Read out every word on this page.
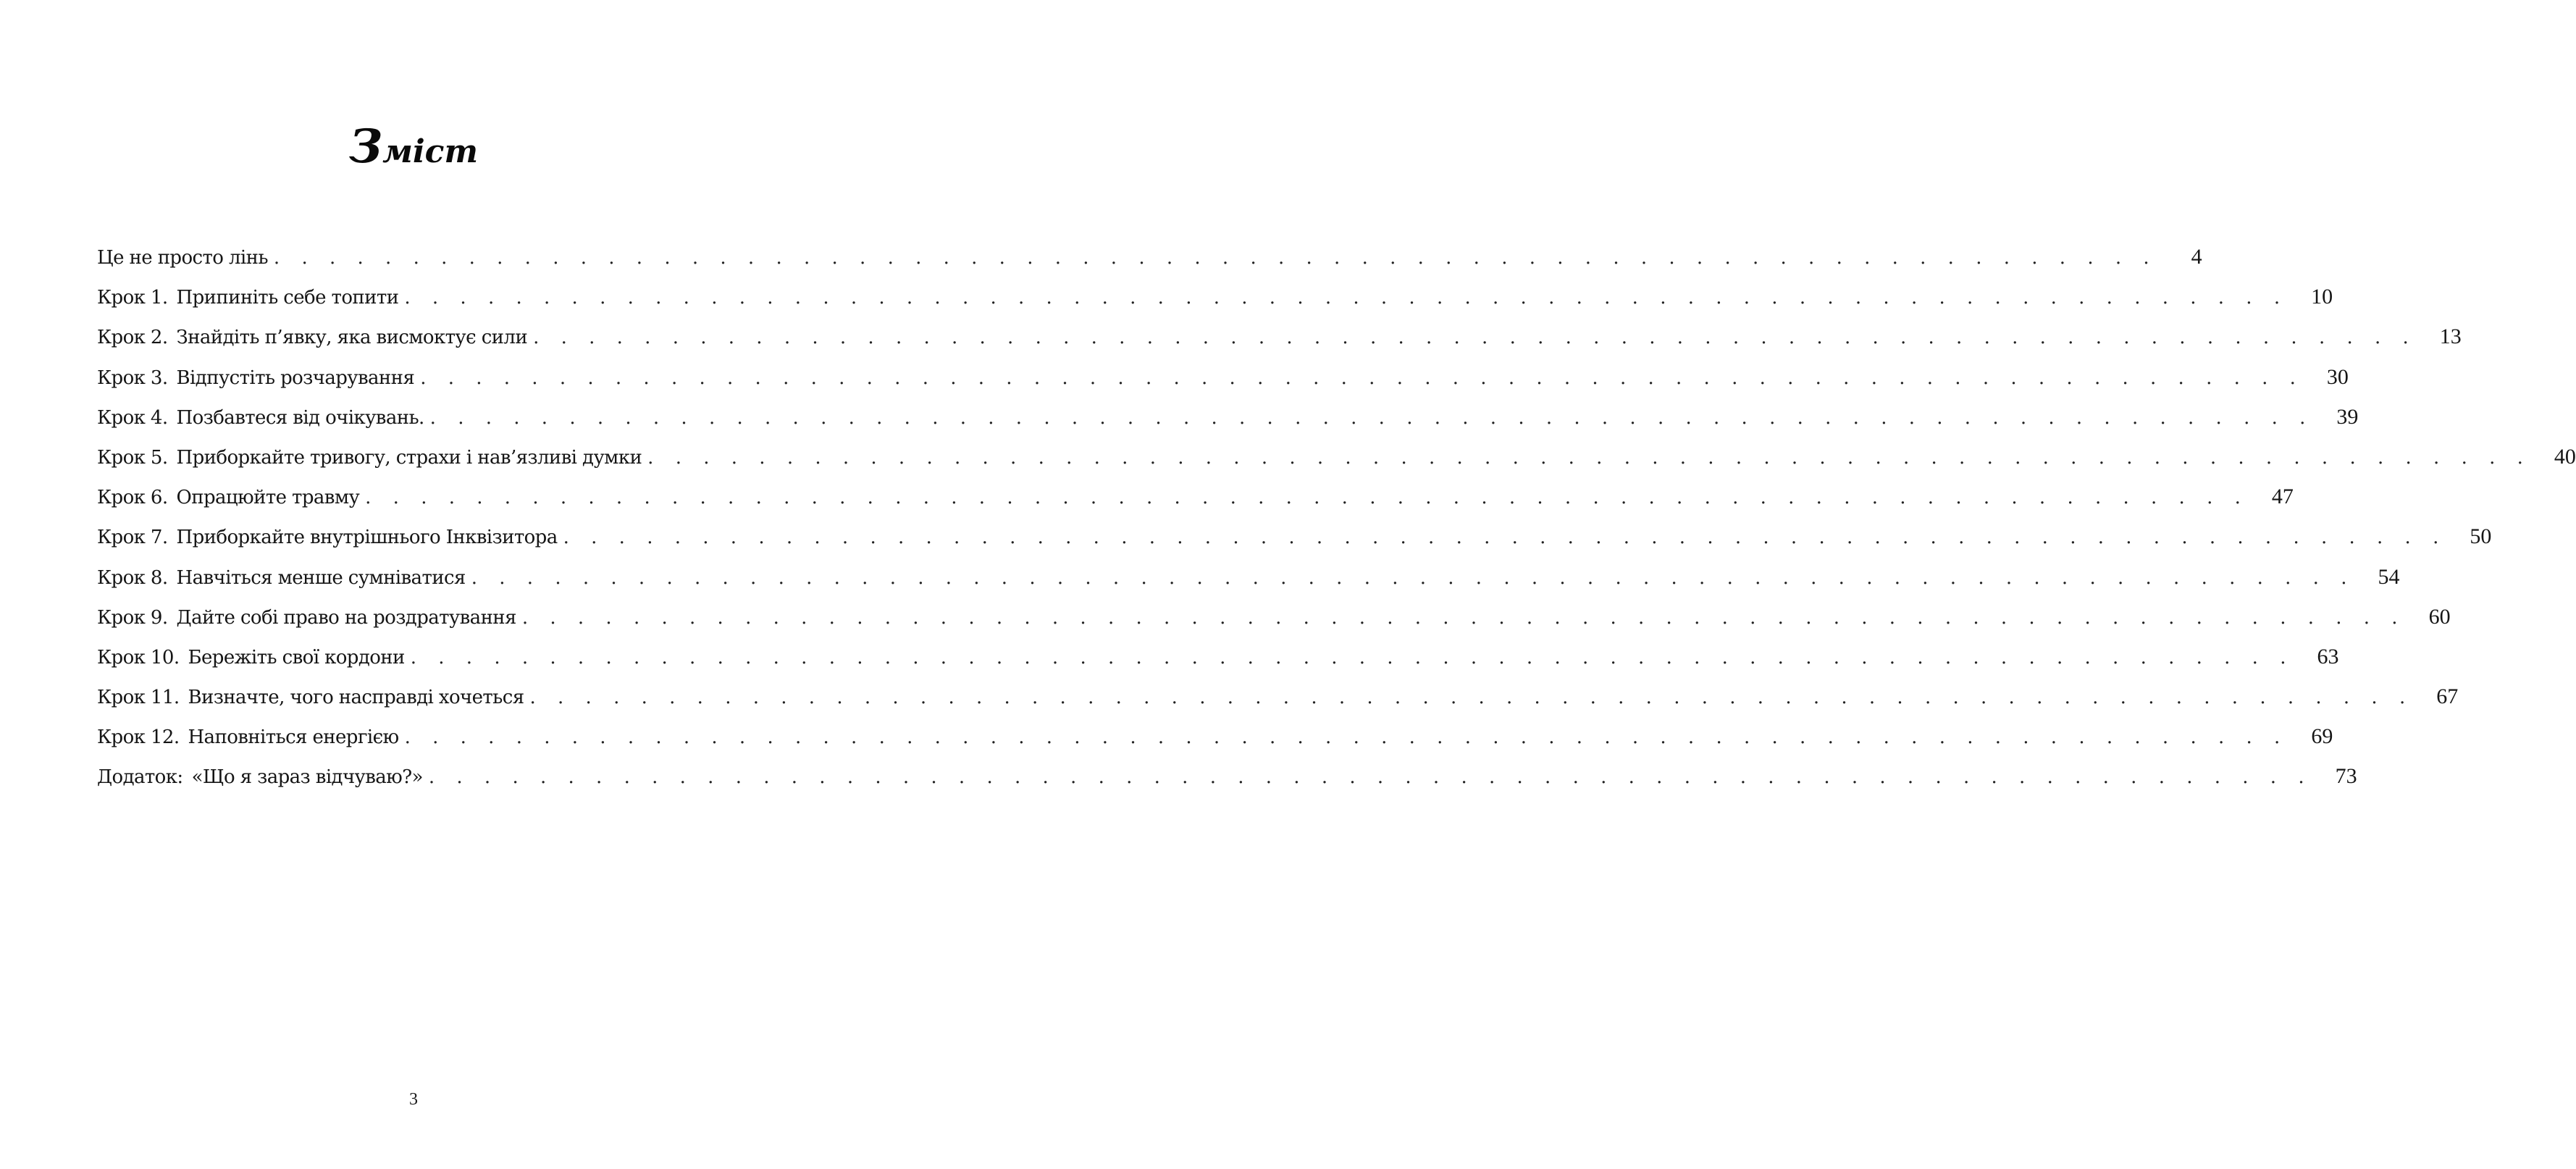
Зміст
Це не просто лінь . . . . . . . . . . . . . . . . . . . . . . . . . . . . . . . . . . . . . . . . . . . . . . . . . . . . . . . . . . . . . . . . . . . .	4
Крок 1. Припиніть себе топити . . . . . . . . . . . . . . . . . . . . . . . . . . . . . . . . . . . . . . . . . . . . . . . . . . . . . . . . . . . . . . . . . . . .	10
Крок 2. Знайдіть п’явку, яка висмоктує сили . . . . . . . . . . . . . . . . . . . . . . . . . . . . . . . . . . . . . . . . . . . . . . . . . . . . . . . . . . . . . . . . . . . .	13
Крок 3. Відпустіть розчарування . . . . . . . . . . . . . . . . . . . . . . . . . . . . . . . . . . . . . . . . . . . . . . . . . . . . . . . . . . . . . . . . . . . .	30
Крок 4. Позбавтеся від очікувань. . . . . . . . . . . . . . . . . . . . . . . . . . . . . . . . . . . . . . . . . . . . . . . . . . . . . . . . . . . . . . . . . . . . .	39
Крок 5. Приборкайте тривогу, страхи і нав’язливі думки . . . . . . . . . . . . . . . . . . . . . . . . . . . . . . . . . . . . . . . . . . . . . . . . . . . . . . . . . . . . . . . . . . . .	40
Крок 6. Опрацюйте травму . . . . . . . . . . . . . . . . . . . . . . . . . . . . . . . . . . . . . . . . . . . . . . . . . . . . . . . . . . . . . . . . . . . .	47
Крок 7. Приборкайте внутрішнього Інквізитора . . . . . . . . . . . . . . . . . . . . . . . . . . . . . . . . . . . . . . . . . . . . . . . . . . . . . . . . . . . . . . . . . . . .	50
Крок 8. Навчіться менше сумніватися . . . . . . . . . . . . . . . . . . . . . . . . . . . . . . . . . . . . . . . . . . . . . . . . . . . . . . . . . . . . . . . . . . . .	54
Крок 9. Дайте собі право на роздратування . . . . . . . . . . . . . . . . . . . . . . . . . . . . . . . . . . . . . . . . . . . . . . . . . . . . . . . . . . . . . . . . . . . .	60
Крок 10. Бережіть свої кордони . . . . . . . . . . . . . . . . . . . . . . . . . . . . . . . . . . . . . . . . . . . . . . . . . . . . . . . . . . . . . . . . . . . .	63
Крок 11. Визначте, чого насправді хочеться . . . . . . . . . . . . . . . . . . . . . . . . . . . . . . . . . . . . . . . . . . . . . . . . . . . . . . . . . . . . . . . . . . . .	67
Крок 12. Наповніться енергією . . . . . . . . . . . . . . . . . . . . . . . . . . . . . . . . . . . . . . . . . . . . . . . . . . . . . . . . . . . . . . . . . . . .	69
Додаток: «Що я зараз відчуваю?» . . . . . . . . . . . . . . . . . . . . . . . . . . . . . . . . . . . . . . . . . . . . . . . . . . . . . . . . . . . . . . . . . . . .	73
3
